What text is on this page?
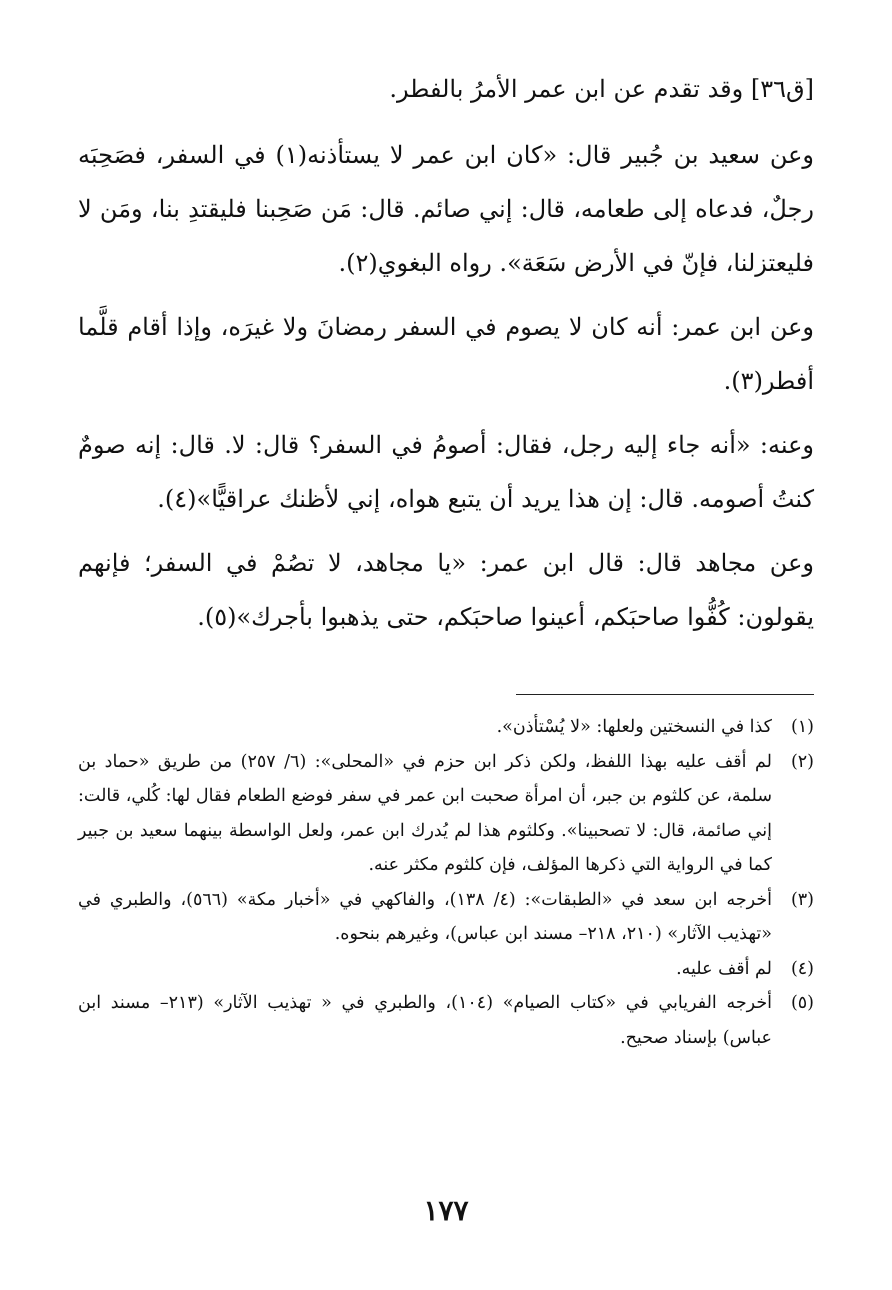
[ق٣٦] وقد تقدم عن ابن عمر الأمرُ بالفطر.

وعن سعيد بن جُبير قال: «كان ابن عمر لا يستأذنه(١) في السفر، فصَحِبَه رجلٌ، فدعاه إلى طعامه، قال: إني صائم. قال: مَن صَحِبنا فليقتدِ بنا، ومَن لا فليعتزلنا، فإنّ في الأرض سَعَة». رواه البغوي(٢).

وعن ابن عمر: أنه كان لا يصوم في السفر رمضانَ ولا غيرَه، وإذا أقام قلَّما أفطر(٣).

وعنه: «أنه جاء إليه رجل، فقال: أصومُ في السفر؟ قال: لا. قال: إنه صومٌ كنتُ أصومه. قال: إن هذا يريد أن يتبع هواه، إني لأظنك عراقيًّا»(٤).

وعن مجاهد قال: قال ابن عمر: «يا مجاهد، لا تصُمْ في السفر؛ فإنهم يقولون: كُفُّوا صاحبَكم، أعينوا صاحبَكم، حتى يذهبوا بأجرك»(٥).

(١)
كذا في النسختين ولعلها: «لا يُسْتأذن».
(٢)
لم أقف عليه بهذا اللفظ، ولكن ذكر ابن حزم في «المحلى»: (٦/ ٢٥٧) من طريق «حماد بن سلمة، عن كلثوم بن جبر، أن امرأة صحبت ابن عمر في سفر فوضع الطعام فقال لها: كُلي، قالت: إني صائمة، قال: لا تصحبينا». وكلثوم هذا لم يُدرك ابن عمر، ولعل الواسطة بينهما سعيد بن جبير كما في الرواية التي ذكرها المؤلف، فإن كلثوم مكثر عنه.
(٣)
أخرجه ابن سعد في «الطبقات»: (٤/ ١٣٨)، والفاكهي في «أخبار مكة» (٥٦٦)، والطبري في «تهذيب الآثار» (٢١٠، ٢١٨– مسند ابن عباس)، وغيرهم بنحوه.
(٤)
لم أقف عليه.
(٥)
أخرجه الفريابي في «كتاب الصيام» (١٠٤)، والطبري في « تهذيب الآثار» (٢١٣– مسند ابن عباس) بإسناد صحيح.
١٧٧
